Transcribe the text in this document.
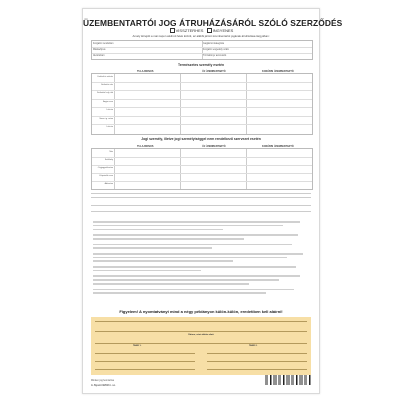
ÜZEMBENTARTÓI JOG ÁTRUHÁZÁSÁRÓL SZÓLÓ SZERZŐDÉS
VISSZTERHES INGYENES
Amely létrejött a mai napon alulírott felek között, az alábbi jármű üzembentartói jogának átruházása tárgyában:
Forgalmi rendszám	Gépjármű kategória
Márka/típus	Forgalmi engedély szám
Alvázszám	Törzskönyv azonosító
Természetes személy esetén
TULAJDONOS	ÚJ ÜZEMBENTARTÓ	KORÁBBI ÜZEMBENTARTÓ
Családi és utónév
Születési név
Születési hely, idő
Anyja neve
Lakcím
Szem. ig. szám
Lakcím
Jogi személy, illetve jogi személyiséggel nem rendelkező szervezet esetén
TULAJDONOS	ÚJ ÜZEMBENTARTÓ	KORÁBBI ÜZEMBENTARTÓ
Név
Székhely
Cégjegyzékszám
Képviselő neve
Adószám
Figyelem! A nyomtatványt mind a négy példányon külön-külön, eredetiben kell aláírni!
Dátum, mint aláírás alatt
TANÚ 1.	TANÚ 2.
Minden jog fenntartva
A. Nyomt 4/2013 r. sz.
